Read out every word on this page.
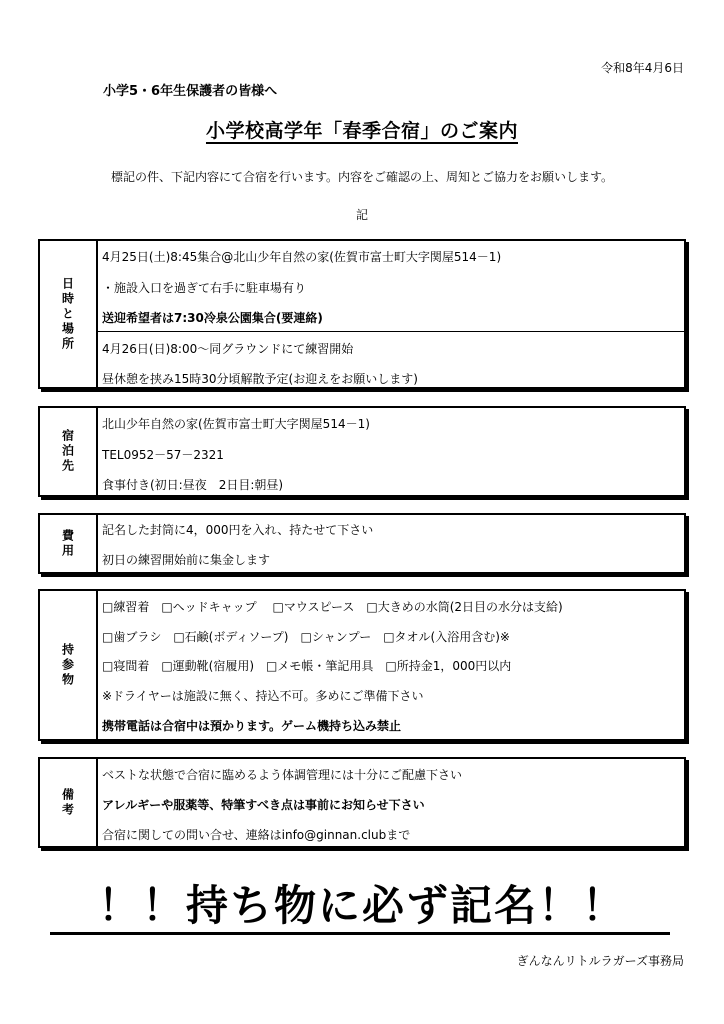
令和8年4月6日
小学5・6年生保護者の皆様へ
小学校高学年「春季合宿」のご案内
標記の件、下記内容にて合宿を行います。内容をご確認の上、周知とご協力をお願いします。
記
日時と場所
4月25日(土)8:45集合@北山少年自然の家(佐賀市富士町大字関屋514－1)
・施設入口を過ぎて右手に駐車場有り
送迎希望者は7:30冷泉公園集合(要連絡)
4月26日(日)8:00～同グラウンドにて練習開始
昼休憩を挟み15時30分頃解散予定(お迎えをお願いします)
宿泊先
北山少年自然の家(佐賀市富士町大字関屋514－1)
TEL0952－57－2321
食事付き(初日:昼夜　2日目:朝昼)
費用 記名した封筒に4，000円を入れ、持たせて下さい
初日の練習開始前に集金します
持参物
□練習着　□ヘッドキャップ　 □マウスピース　□大きめの水筒(2日目の水分は支給)
□歯ブラシ　□石鹸(ボディソープ)　□シャンプー　□タオル(入浴用含む)※
□寝間着　□運動靴(宿履用)　□メモ帳・筆記用具　□所持金1，000円以内
※ドライヤーは施設に無く、持込不可。多めにご準備下さい
携帯電話は合宿中は預かります。ゲーム機持ち込み禁止
備考
ベストな状態で合宿に臨めるよう体調管理には十分にご配慮下さい
アレルギーや服薬等、特筆すべき点は事前にお知らせ下さい
合宿に関しての問い合せ、連絡はinfo@ginnan.clubまで
！！持ち物に必ず記名！！
ぎんなんリトルラガーズ事務局
